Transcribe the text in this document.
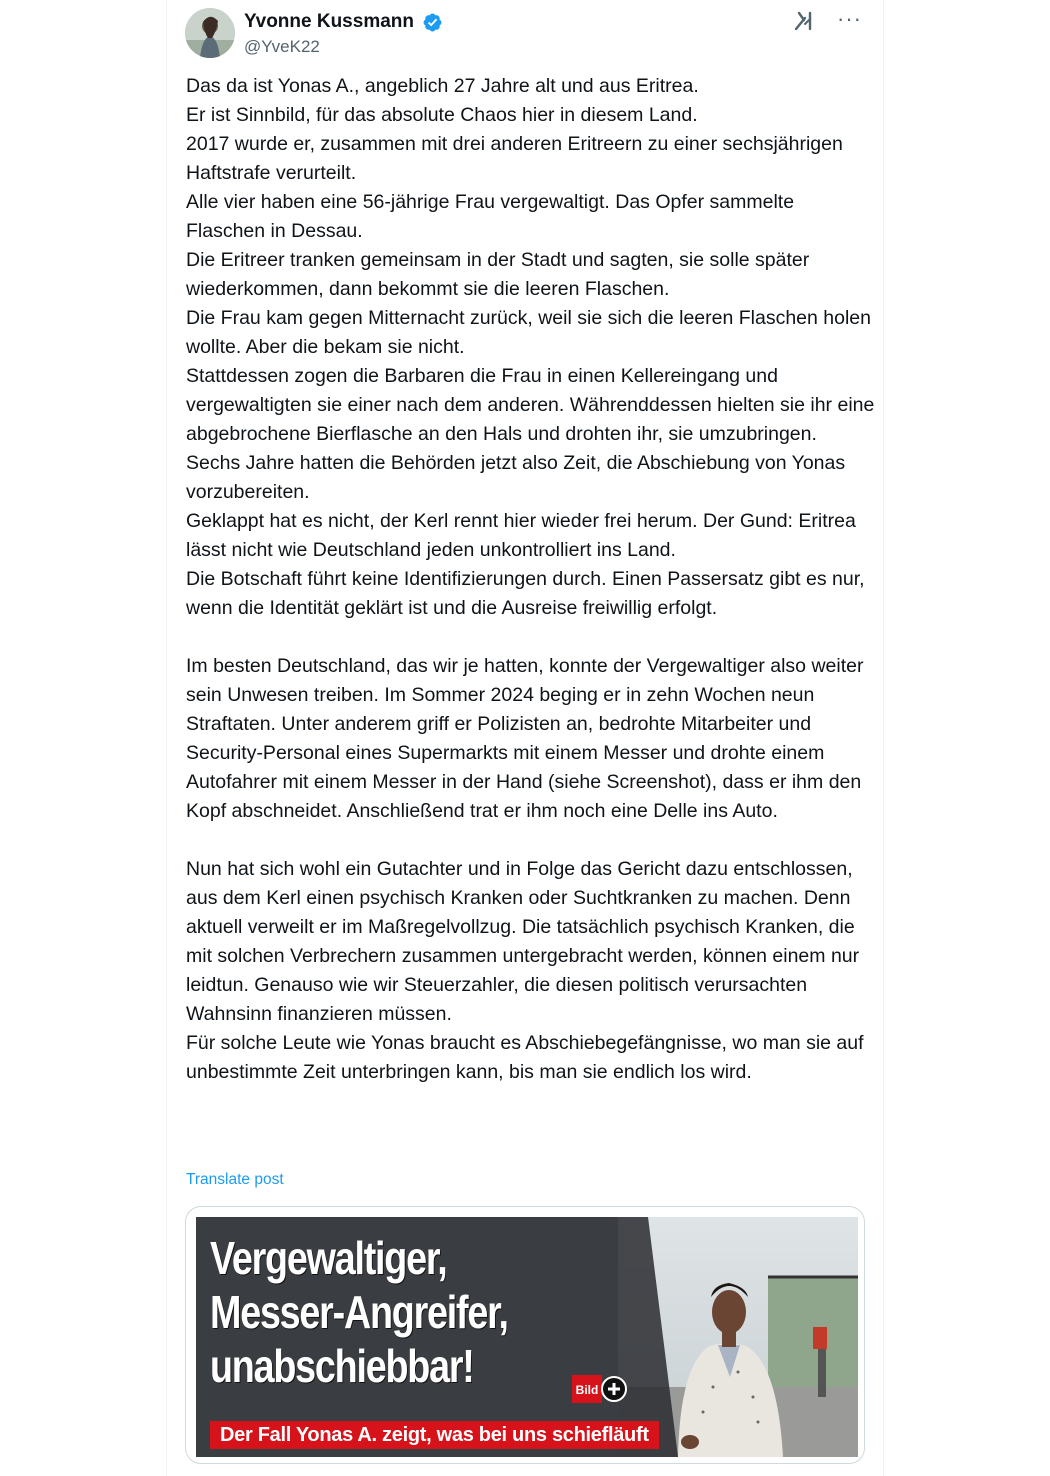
Yvonne Kussmann
@YveK22
···
Das da ist Yonas A., angeblich 27 Jahre alt und aus Eritrea.
Er ist Sinnbild, für das absolute Chaos hier in diesem Land.
2017 wurde er, zusammen mit drei anderen Eritreern zu einer sechsjährigen Haftstrafe verurteilt.
Alle vier haben eine 56-jährige Frau vergewaltigt. Das Opfer sammelte Flaschen in Dessau.
Die Eritreer tranken gemeinsam in der Stadt und sagten, sie solle später wiederkommen, dann bekommt sie die leeren Flaschen.
Die Frau kam gegen Mitternacht zurück, weil sie sich die leeren Flaschen holen wollte. Aber die bekam sie nicht.
Stattdessen zogen die Barbaren die Frau in einen Kellereingang und vergewaltigten sie einer nach dem anderen. Währenddessen hielten sie ihr eine abgebrochene Bierflasche an den Hals und drohten ihr, sie umzubringen.
Sechs Jahre hatten die Behörden jetzt also Zeit, die Abschiebung von Yonas vorzubereiten.
Geklappt hat es nicht, der Kerl rennt hier wieder frei herum. Der Gund: Eritrea lässt nicht wie Deutschland jeden unkontrolliert ins Land.
Die Botschaft führt keine Identifizierungen durch. Einen Passersatz gibt es nur, wenn die Identität geklärt ist und die Ausreise freiwillig erfolgt.

Im besten Deutschland, das wir je hatten, konnte der Vergewaltiger also weiter sein Unwesen treiben. Im Sommer 2024 beging er in zehn Wochen neun Straftaten. Unter anderem griff er Polizisten an, bedrohte Mitarbeiter und Security-Personal eines Supermarkts mit einem Messer und drohte einem Autofahrer mit einem Messer in der Hand (siehe Screenshot), dass er ihm den Kopf abschneidet. Anschließend trat er ihm noch eine Delle ins Auto.

Nun hat sich wohl ein Gutachter und in Folge das Gericht dazu entschlossen, aus dem Kerl einen psychisch Kranken oder Suchtkranken zu machen. Denn aktuell verweilt er im Maßregelvollzug. Die tatsächlich psychisch Kranken, die mit solchen Verbrechern zusammen untergebracht werden, können einem nur leidtun. Genauso wie wir Steuerzahler, die diesen politisch verursachten Wahnsinn finanzieren müssen.
Für solche Leute wie Yonas braucht es Abschiebegefängnisse, wo man sie auf unbestimmte Zeit unterbringen kann, bis man sie endlich los wird.
Translate post
Vergewaltiger,
Messer-Angreifer,
unabschiebbar!	Bild
Der Fall Yonas A. zeigt, was bei uns schiefläuft
